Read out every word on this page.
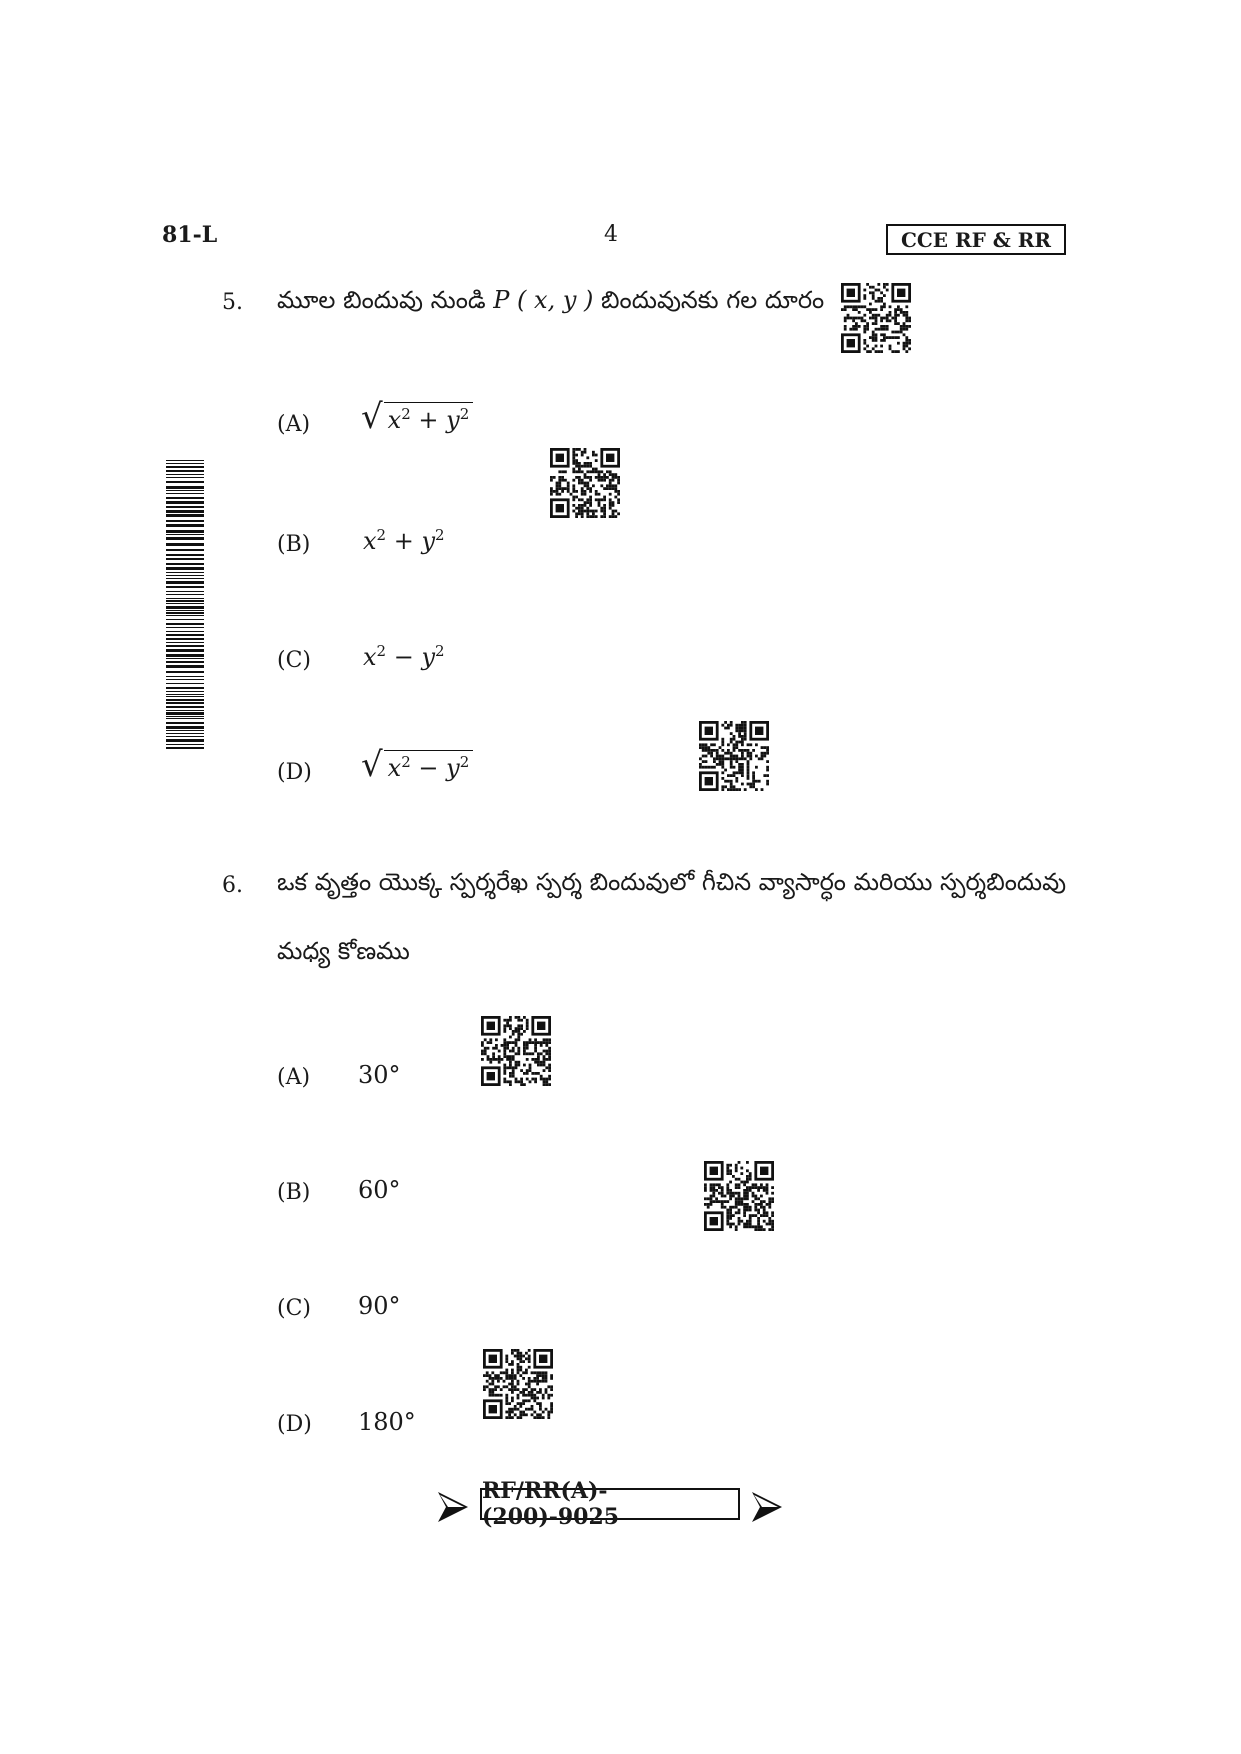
81-L	4	CCE RF & RR
5. మూల బిందువు నుండి P ( x, y ) బిందువునకు గల దూరం
(A) √ $x^2 + y^2$
(B) $x^2 + y^2$
(C) $x^2 - y^2$
(D) √ $x^2 - y^2$
6. ఒక వృత్తం యొక్క స్పర్శరేఖ స్పర్శ బిందువులో గీచిన వ్యాసార్ధం మరియు స్పర్శబిందువు
మధ్య కోణము
(A) 30°
(B) 60°
(C) 90°
(D) 180°
RF/RR(A)-(200)-9025
